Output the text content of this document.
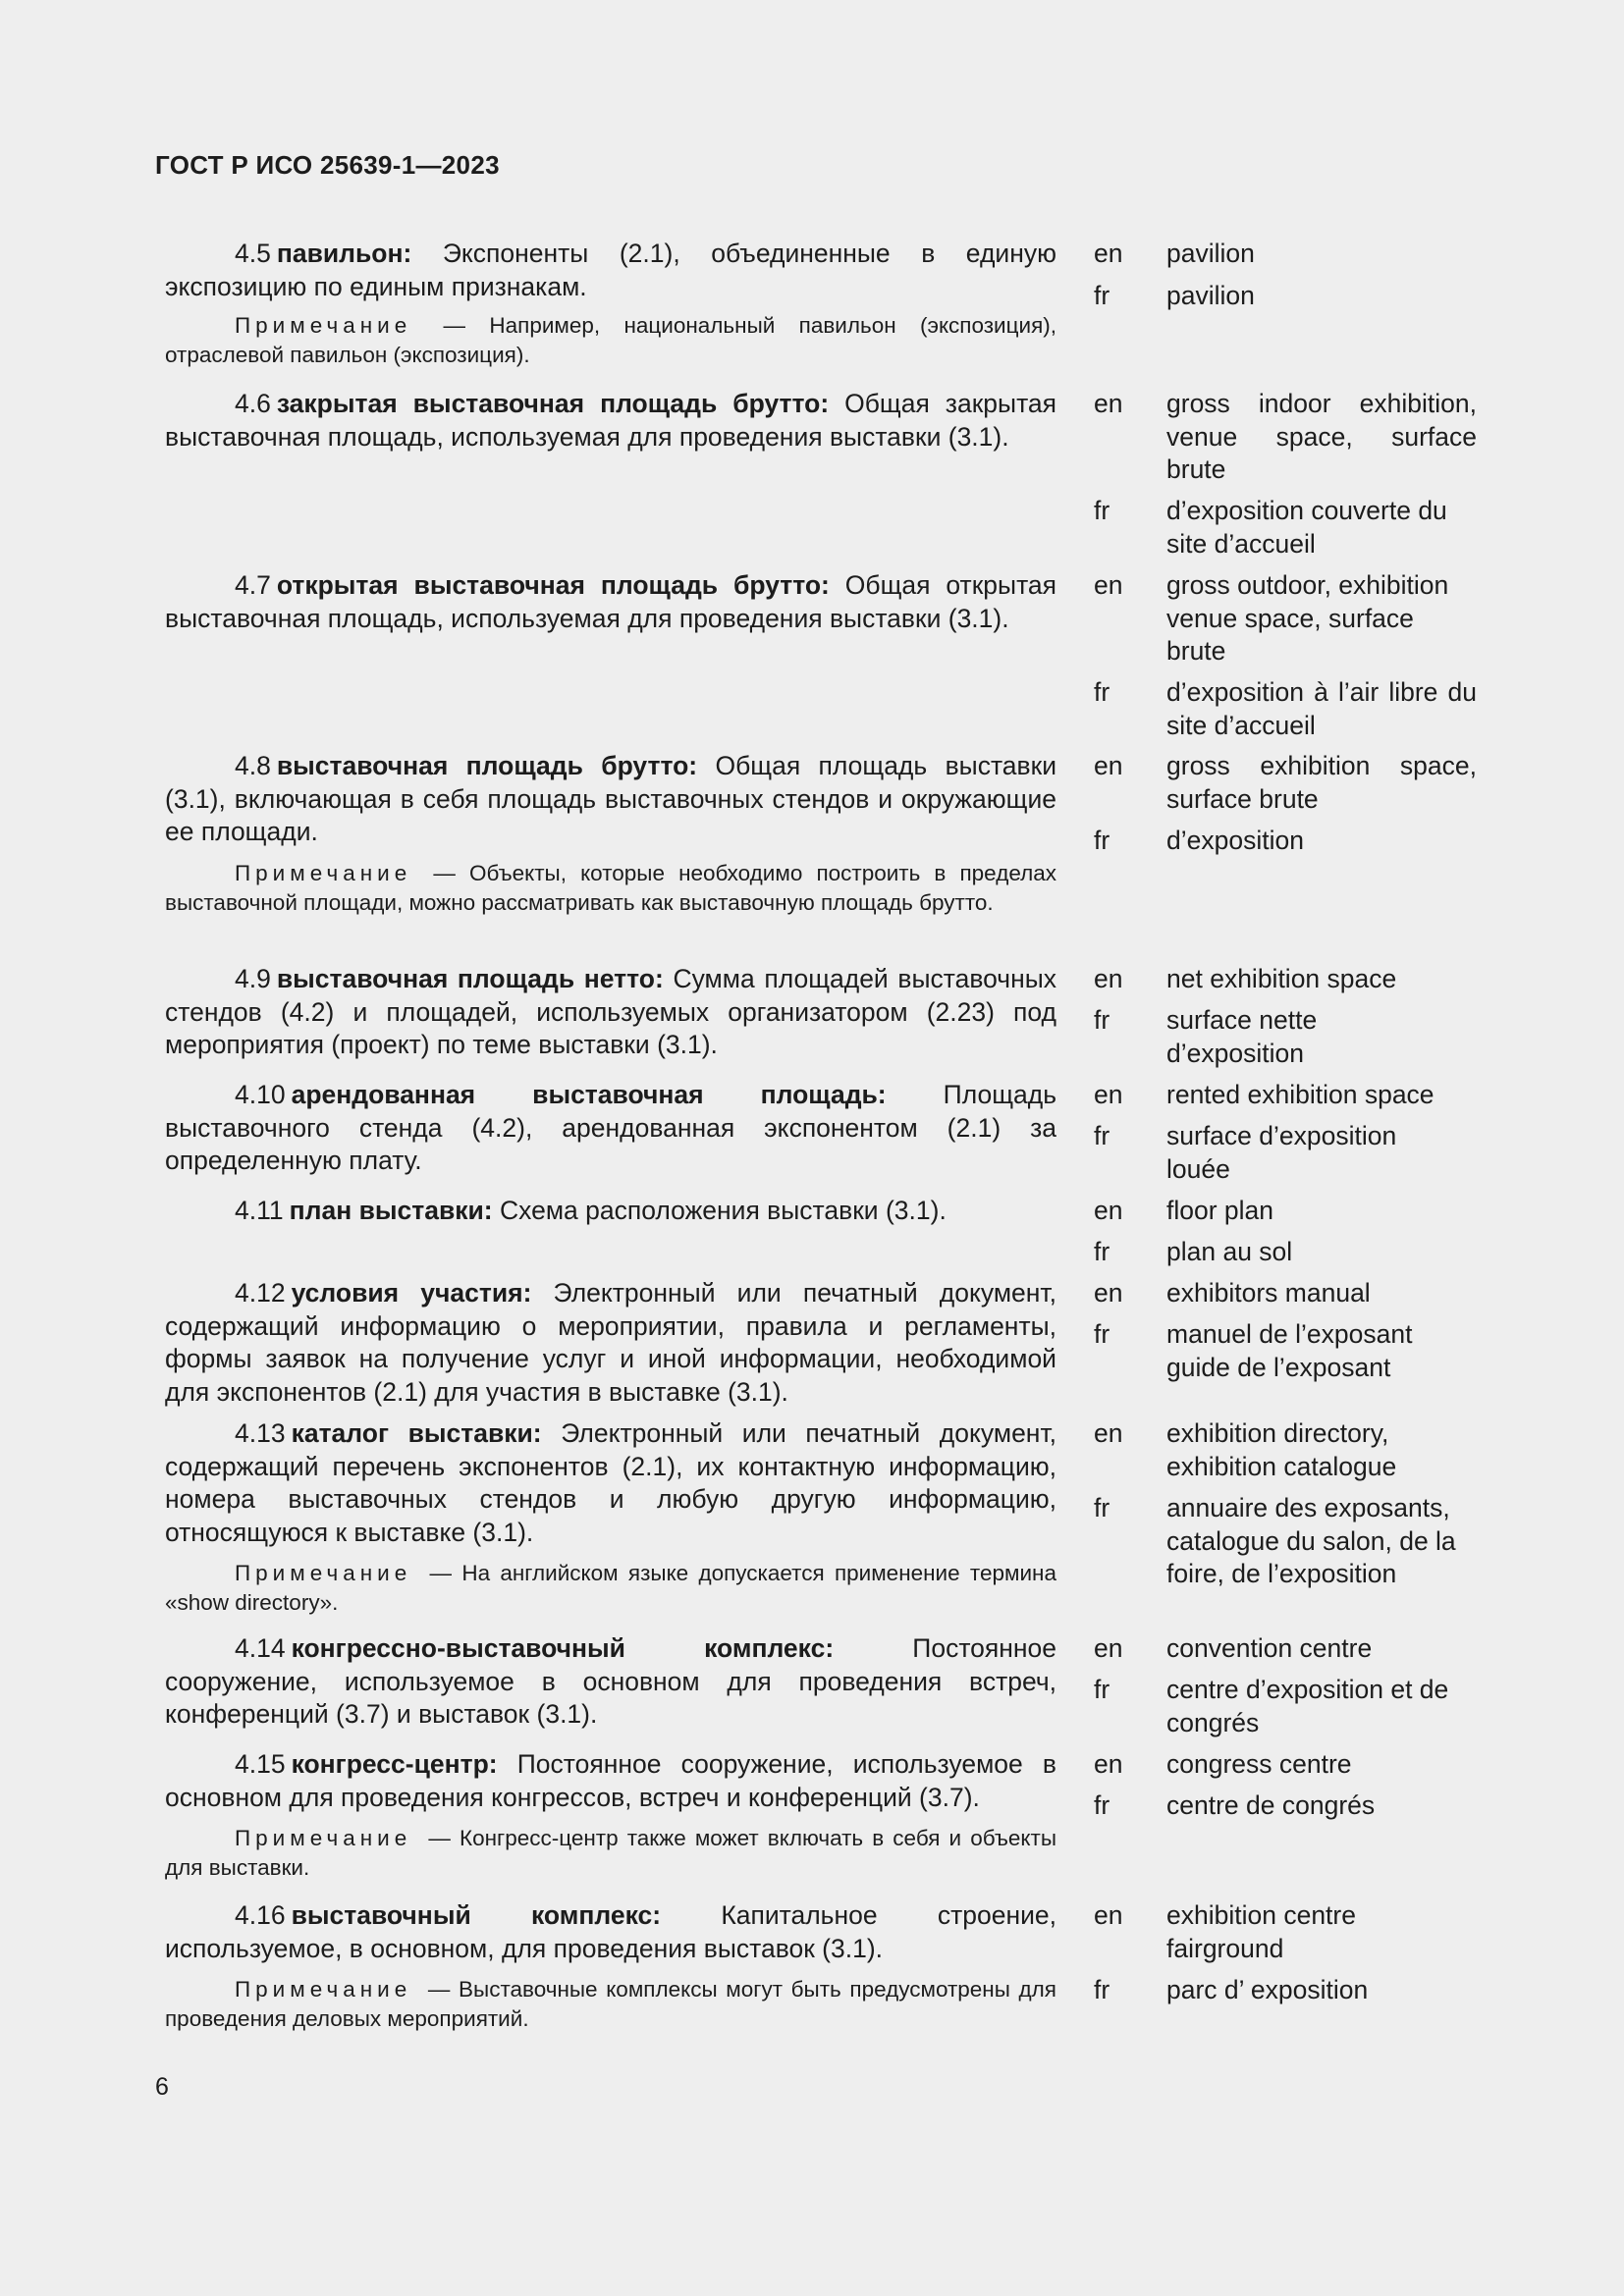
ГОСТ Р ИСО 25639-1—2023

4.5 павильон: Экспоненты (2.1), объединенные в единую экспозицию по единым признакам.

Примечание — Например, национальный павильон (экспозиция), отраслевой павильон (экспозиция).

en pavilion
fr pavilion

4.6 закрытая выставочная площадь брутто: Общая закрытая выставочная площадь, используемая для проведения выставки (3.1).

en gross indoor exhibition, venue space, surface brute
fr d’exposition couverte du site d’accueil

4.7 открытая выставочная площадь брутто: Общая открытая выставочная площадь, используемая для проведения выставки (3.1).

en gross outdoor, exhibition venue space, surface brute
fr d’exposition à l’air libre du site d’accueil

4.8 выставочная площадь брутто: Общая площадь выставки (3.1), включающая в себя площадь выставочных стендов и окружающие ее площади.

Примечание — Объекты, которые необходимо построить в пределах выставочной площади, можно рассматривать как выставочную площадь брутто.

en gross exhibition space, surface brute
fr d’exposition

4.9 выставочная площадь нетто: Сумма площадей выставочных стендов (4.2) и площадей, используемых организатором (2.23) под мероприятия (проект) по теме выставки (3.1).

en net exhibition space
fr surface nette d’exposition

4.10 арендованная выставочная площадь: Площадь выставочного стенда (4.2), арендованная экспонентом (2.1) за определенную плату.

en rented exhibition space
fr surface d’exposition louée

4.11 план выставки: Схема расположения выставки (3.1).	en floor plan
fr plan au sol

4.12 условия участия: Электронный или печатный документ, содержащий информацию о мероприятии, правила и регламенты, формы заявок на получение услуг и иной информации, необходимой для экспонентов (2.1) для участия в выставке (3.1).

en exhibitors manual
fr manuel de l’exposant guide de l’exposant

4.13 каталог выставки: Электронный или печатный документ, содержащий перечень экспонентов (2.1), их контактную информацию, номера выставочных стендов и любую другую информацию, относящуюся к выставке (3.1).

Примечание — На английском языке допускается применение термина «show directory».

en exhibition directory, exhibition catalogue
fr annuaire des exposants, catalogue du salon, de la foire, de l’exposition

4.14 конгрессно-выставочный комплекс: Постоянное сооружение, используемое в основном для проведения встреч, конференций (3.7) и выставок (3.1).

en convention centre
fr centre d’exposition et de congrés

4.15 конгресс-центр: Постоянное сооружение, используемое в основном для проведения конгрессов, встреч и конференций (3.7).

Примечание — Конгресс-центр также может включать в себя и объекты для выставки.

en congress centre
fr centre de congrés

4.16 выставочный комплекс: Капитальное строение, используемое, в основном, для проведения выставок (3.1).

Примечание — Выставочные комплексы могут быть предусмотрены для проведения деловых мероприятий.

en exhibition centre fairground
fr parc d’ exposition
6
